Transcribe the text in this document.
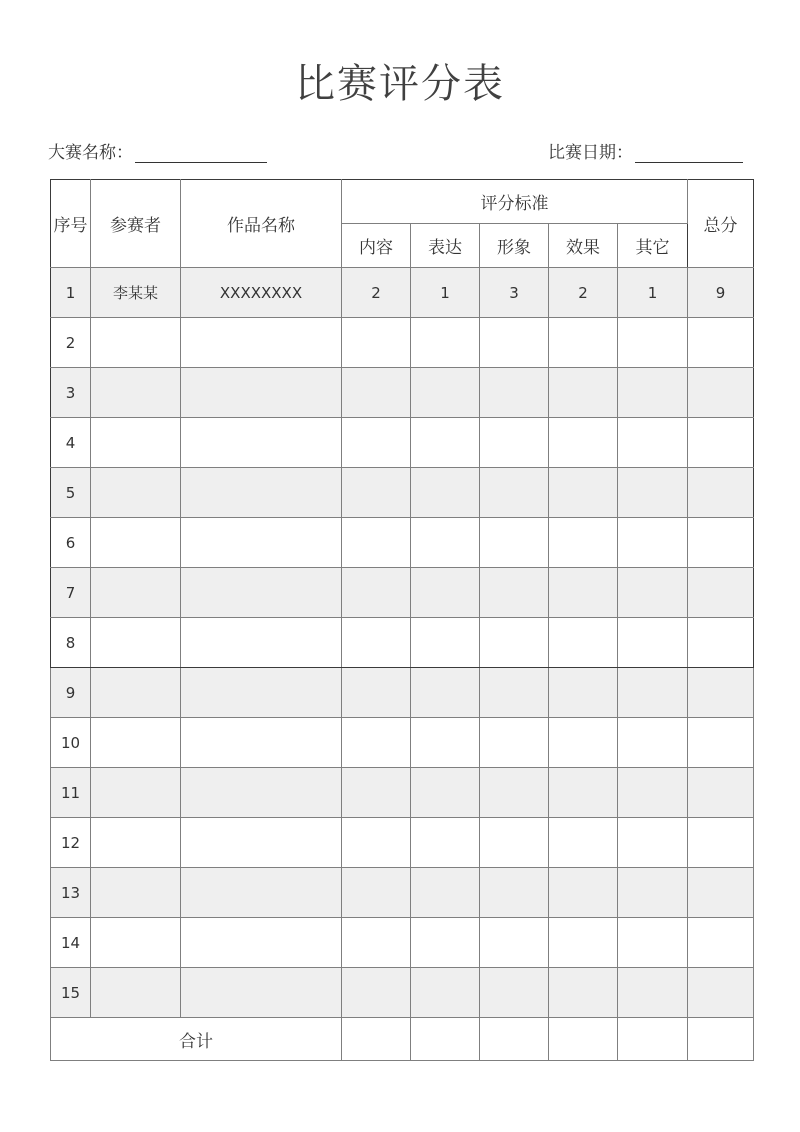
比赛评分表
大赛名称：	比赛日期：
序号	参赛者	作品名称	评分标准					总分
			内容	表达	形象	效果	其它	
1	李某某	XXXXXXXX	2	1	3	2	1	9
2								
3								
4								
5								
6								
7								
8								
9								
10								
11								
12								
13								
14								
15								
合计								
